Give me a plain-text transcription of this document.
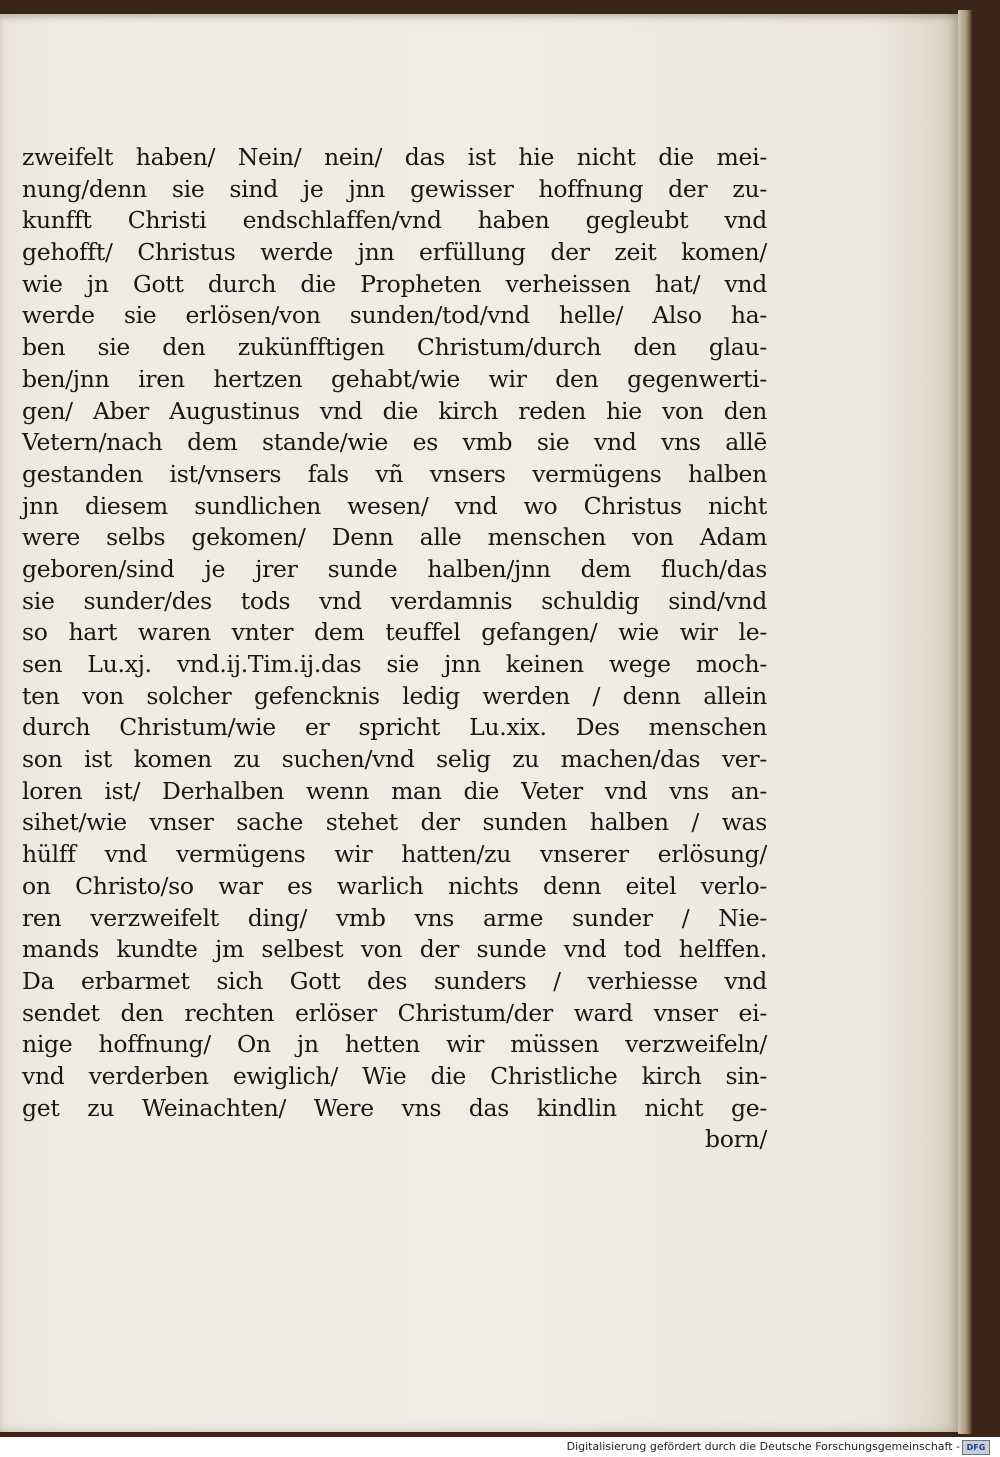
zweifelt haben/ Nein/ nein/ das ist hie nicht die mei-
nung/denn sie sind je jnn gewisser hoffnung der zu-
kunfft Christi endschlaffen/vnd haben gegleubt vnd
gehofft/ Christus werde jnn erfüllung der zeit komen/
wie jn Gott durch die Propheten verheissen hat/ vnd
werde sie erlösen/von sunden/tod/vnd helle/ Also ha-
ben sie den zukünfftigen Christum/durch den glau-
ben/jnn iren hertzen gehabt/wie wir den gegenwerti-
gen/ Aber Augustinus vnd die kirch reden hie von den
Vetern/nach dem stande/wie es vmb sie vnd vns allē
gestanden ist/vnsers fals vñ vnsers vermügens halben
jnn diesem sundlichen wesen/ vnd wo Christus nicht
were selbs gekomen/ Denn alle menschen von Adam
geboren/sind je jrer sunde halben/jnn dem fluch/das
sie sunder/des tods vnd verdamnis schuldig sind/vnd
so hart waren vnter dem teuffel gefangen/ wie wir le-
sen Lu.xj. vnd.ij.Tim.ij.das sie jnn keinen wege moch-
ten von solcher gefencknis ledig werden / denn allein
durch Christum/wie er spricht Lu.xix. Des menschen
son ist komen zu suchen/vnd selig zu machen/das ver-
loren ist/ Derhalben wenn man die Veter vnd vns an-
sihet/wie vnser sache stehet der sunden halben / was
hülff vnd vermügens wir hatten/zu vnserer erlösung/
on Christo/so war es warlich nichts denn eitel verlo-
ren verzweifelt ding/ vmb vns arme sunder / Nie-
mands kundte jm selbest von der sunde vnd tod helffen.
Da erbarmet sich Gott des sunders / verhiesse vnd
sendet den rechten erlöser Christum/der ward vnser ei-
nige hoffnung/ On jn hetten wir müssen verzweifeln/
vnd verderben ewiglich/ Wie die Christliche kirch sin-
get zu Weinachten/ Were vns das kindlin nicht ge-
born/
Digitalisierung gefördert durch die Deutsche Forschungsgemeinschaft - DFG
